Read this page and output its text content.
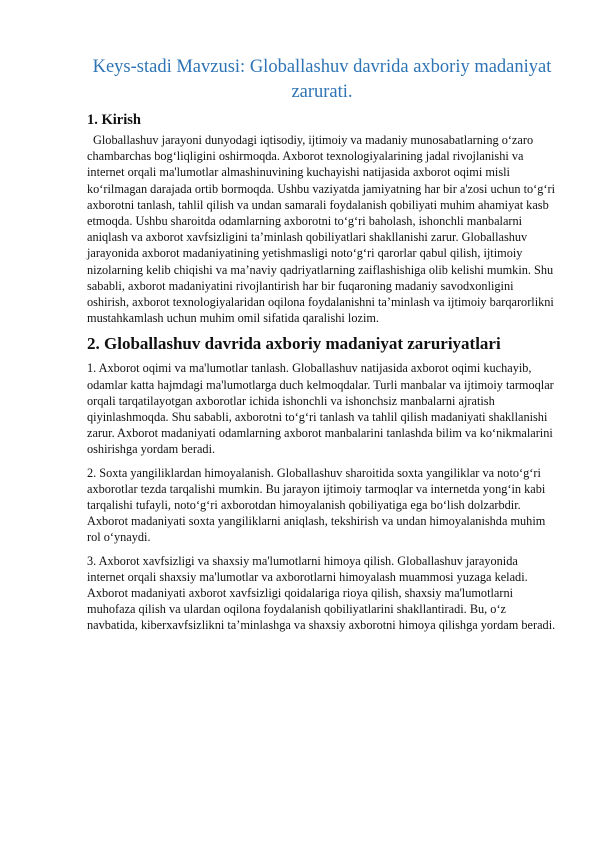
Keys-stadi Mavzusi: Globallashuv davrida axboriy madaniyat zarurati.
1. Kirish

Globallashuv jarayoni dunyodagi iqtisodiy, ijtimoiy va madaniy munosabatlarning o‘zaro chambarchas bog‘liqligini oshirmoqda. Axborot texnologiyalarining jadal rivojlanishi va internet orqali ma'lumotlar almashinuvining kuchayishi natijasida axborot oqimi misli ko‘rilmagan darajada ortib bormoqda. Ushbu vaziyatda jamiyatning har bir a'zosi uchun to‘g‘ri axborotni tanlash, tahlil qilish va undan samarali foydalanish qobiliyati muhim ahamiyat kasb etmoqda. Ushbu sharoitda odamlarning axborotni to‘g‘ri baholash, ishonchli manbalarni aniqlash va axborot xavfsizligini ta’minlash qobiliyatlari shakllanishi zarur. Globallashuv jarayonida axborot madaniyatining yetishmasligi noto‘g‘ri qarorlar qabul qilish, ijtimoiy nizolarning kelib chiqishi va ma’naviy qadriyatlarning zaiflashishiga olib kelishi mumkin. Shu sababli, axborot madaniyatini rivojlantirish har bir fuqaroning madaniy savodxonligini oshirish, axborot texnologiyalaridan oqilona foydalanishni ta’minlash va ijtimoiy barqarorlikni mustahkamlash uchun muhim omil sifatida qaralishi lozim.

2. Globallashuv davrida axboriy madaniyat zaruriyatlari

1. Axborot oqimi va ma'lumotlar tanlash. Globallashuv natijasida axborot oqimi kuchayib, odamlar katta hajmdagi ma'lumotlarga duch kelmoqdalar. Turli manbalar va ijtimoiy tarmoqlar orqali tarqatilayotgan axborotlar ichida ishonchli va ishonchsiz manbalarni ajratish qiyinlashmoqda. Shu sababli, axborotni to‘g‘ri tanlash va tahlil qilish madaniyati shakllanishi zarur. Axborot madaniyati odamlarning axborot manbalarini tanlashda bilim va ko‘nikmalarini oshirishga yordam beradi.

2. Soxta yangiliklardan himoyalanish. Globallashuv sharoitida soxta yangiliklar va noto‘g‘ri axborotlar tezda tarqalishi mumkin. Bu jarayon ijtimoiy tarmoqlar va internetda yong‘in kabi tarqalishi tufayli, noto‘g‘ri axborotdan himoyalanish qobiliyatiga ega bo‘lish dolzarbdir. Axborot madaniyati soxta yangiliklarni aniqlash, tekshirish va undan himoyalanishda muhim rol o‘ynaydi.

3. Axborot xavfsizligi va shaxsiy ma'lumotlarni himoya qilish. Globallashuv jarayonida internet orqali shaxsiy ma'lumotlar va axborotlarni himoyalash muammosi yuzaga keladi. Axborot madaniyati axborot xavfsizligi qoidalariga rioya qilish, shaxsiy ma'lumotlarni muhofaza qilish va ulardan oqilona foydalanish qobiliyatlarini shakllantiradi. Bu, o‘z navbatida, kiberxavfsizlikni ta’minlashga va shaxsiy axborotni himoya qilishga yordam beradi.
